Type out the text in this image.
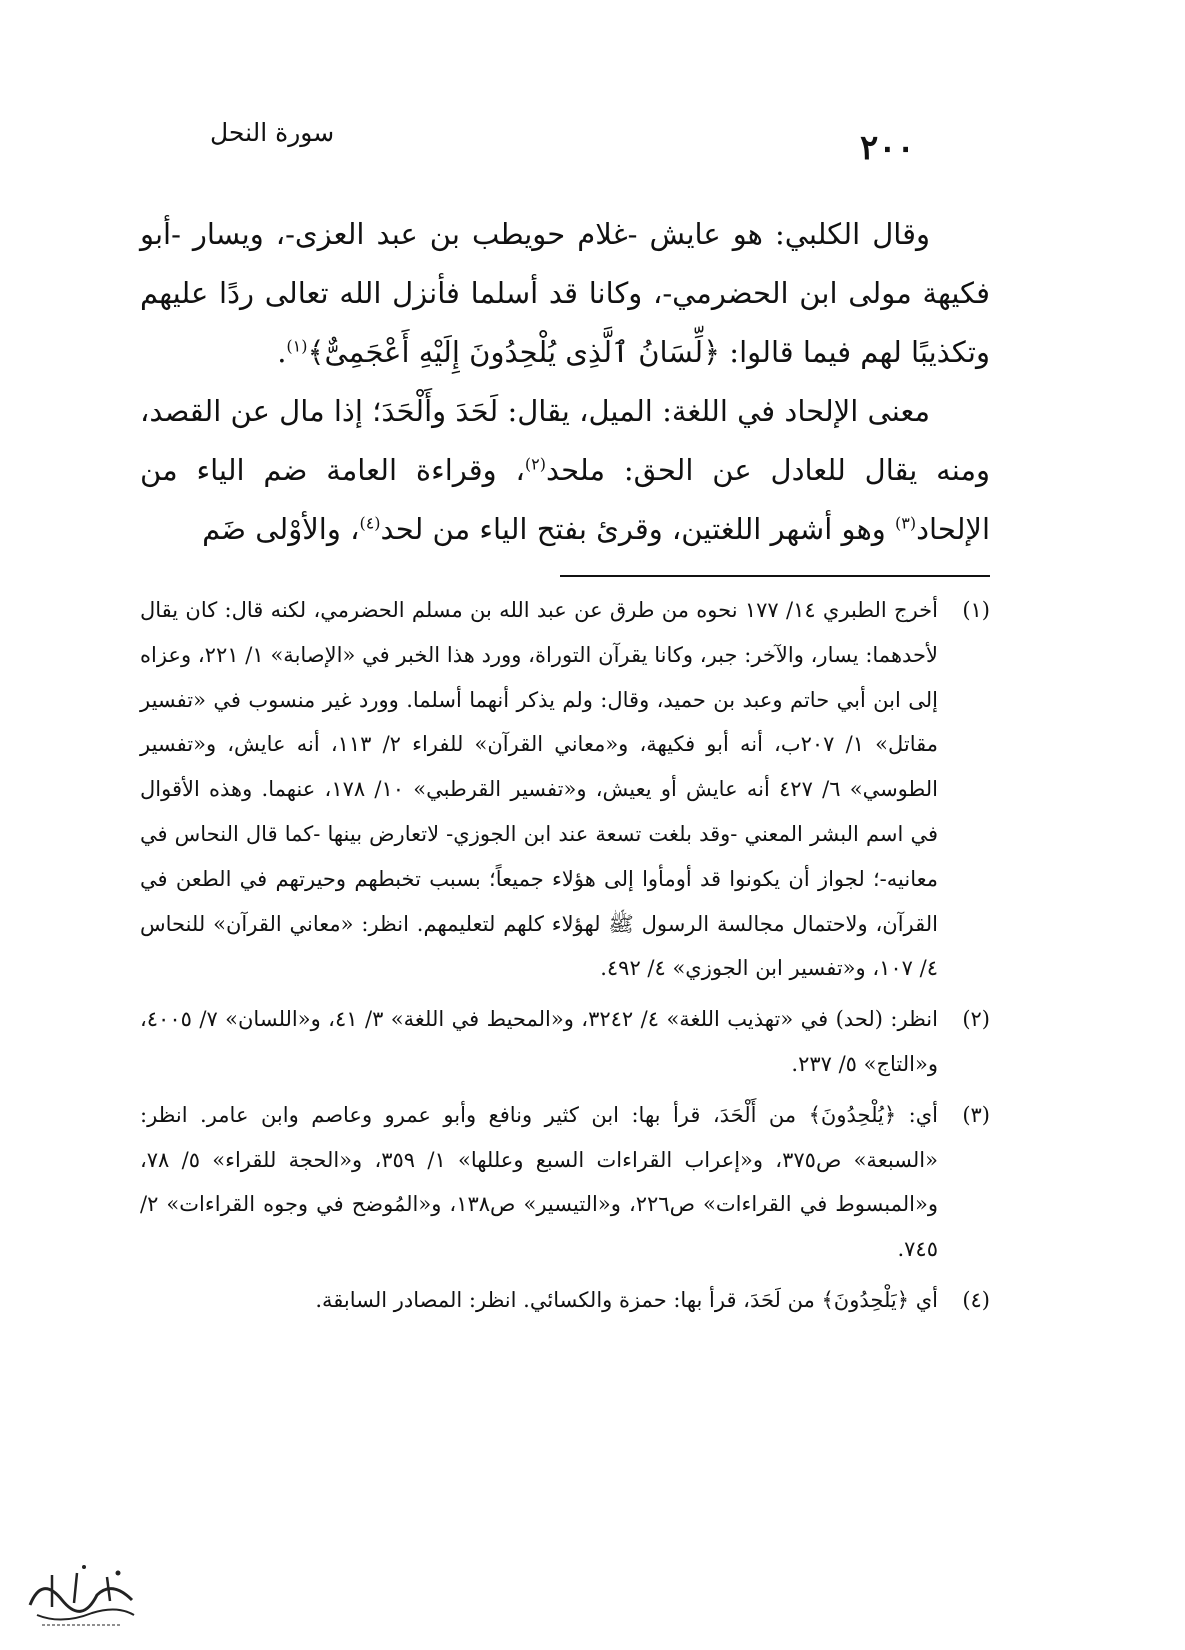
سورة النحل	٢٠٠

وقال الكلبي: هو عايش -غلام حويطب بن عبد العزى-، ويسار -أبو فكيهة مولى ابن الحضرمي-، وكانا قد أسلما فأنزل الله تعالى ردًا عليهم وتكذيبًا لهم فيما قالوا: ﴿لِّسَانُ ٱلَّذِى يُلْحِدُونَ إِلَيْهِ أَعْجَمِىٌّ﴾$^{(١)}$.

معنى الإلحاد في اللغة: الميل، يقال: لَحَدَ وأَلْحَدَ؛ إذا مال عن القصد، ومنه يقال للعادل عن الحق: ملحد$^{(٢)}$، وقراءة العامة ضم الياء من الإلحاد$^{(٣)}$ وهو أشهر اللغتين، وقرئ بفتح الياء من لحد$^{(٤)}$، والأوْلى ضَم

(١)
أخرج الطبري ١٤/ ١٧٧ نحوه من طرق عن عبد الله بن مسلم الحضرمي، لكنه قال: كان يقال لأحدهما: يسار، والآخر: جبر، وكانا يقرآن التوراة، وورد هذا الخبر في «الإصابة» ١/ ٢٢١، وعزاه إلى ابن أبي حاتم وعبد بن حميد، وقال: ولم يذكر أنهما أسلما. وورد غير منسوب في «تفسير مقاتل» ١/ ٢٠٧ب، أنه أبو فكيهة، و«معاني القرآن» للفراء ٢/ ١١٣، أنه عايش، و«تفسير الطوسي» ٦/ ٤٢٧ أنه عايش أو يعيش، و«تفسير القرطبي» ١٠/ ١٧٨، عنهما. وهذه الأقوال في اسم البشر المعني -وقد بلغت تسعة عند ابن الجوزي- لاتعارض بينها -كما قال النحاس في معانيه-؛ لجواز أن يكونوا قد أومأوا إلى هؤلاء جميعاً؛ بسبب تخبطهم وحيرتهم في الطعن في القرآن، ولاحتمال مجالسة الرسول ﷺ لهؤلاء كلهم لتعليمهم. انظر: «معاني القرآن» للنحاس ٤/ ١٠٧، و«تفسير ابن الجوزي» ٤/ ٤٩٢.
(٢)
انظر: (لحد) في «تهذيب اللغة» ٤/ ٣٢٤٢، و«المحيط في اللغة» ٣/ ٤١، و«اللسان» ٧/ ٤٠٠٥، و«التاج» ٥/ ٢٣٧.
(٣)
أي: ﴿يُلْحِدُونَ﴾ من أَلْحَدَ، قرأ بها: ابن كثير ونافع وأبو عمرو وعاصم وابن عامر. انظر: «السبعة» ص٣٧٥، و«إعراب القراءات السبع وعللها» ١/ ٣٥٩، و«الحجة للقراء» ٥/ ٧٨، و«المبسوط في القراءات» ص٢٢٦، و«التيسير» ص١٣٨، و«المُوضح في وجوه القراءات» ٢/ ٧٤٥.
(٤)
أي ﴿يَلْحِدُونَ﴾ من لَحَدَ، قرأ بها: حمزة والكسائي. انظر: المصادر السابقة.
